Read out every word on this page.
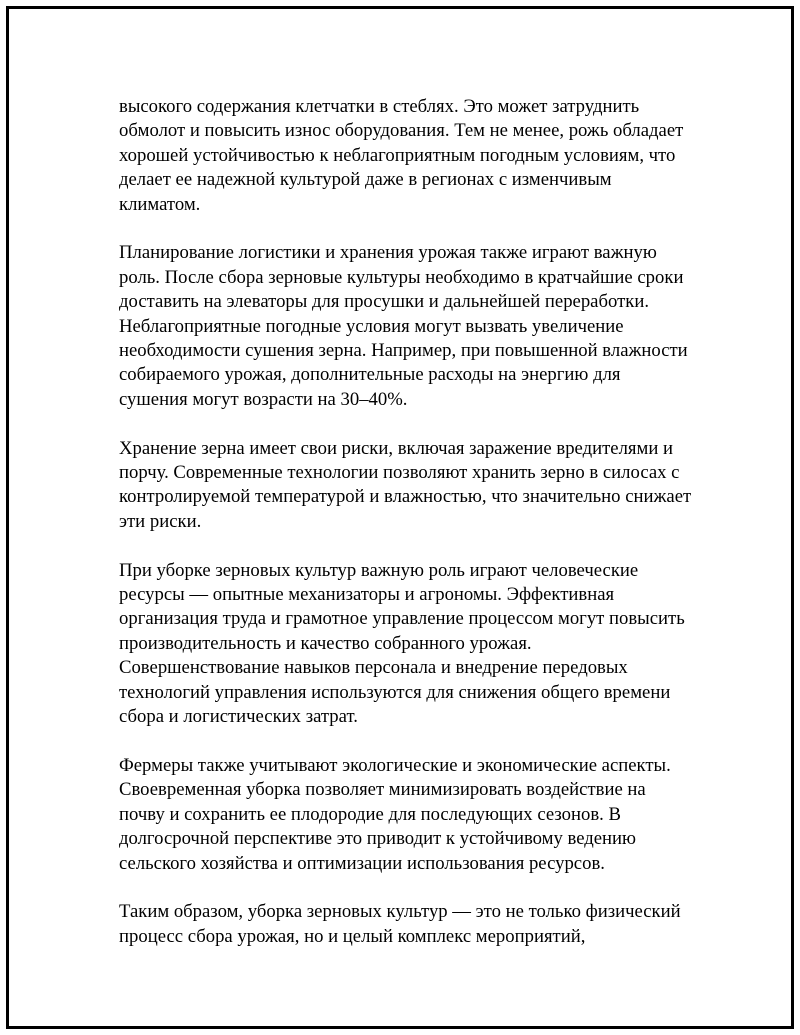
высокого содержания клетчатки в стеблях. Это может затруднить
обмолот и повысить износ оборудования. Тем не менее, рожь обладает
хорошей устойчивостью к неблагоприятным погодным условиям, что
делает ее надежной культурой даже в регионах с изменчивым
климатом.

Планирование логистики и хранения урожая также играют важную
роль. После сбора зерновые культуры необходимо в кратчайшие сроки
доставить на элеваторы для просушки и дальнейшей переработки.
Неблагоприятные погодные условия могут вызвать увеличение
необходимости сушения зерна. Например, при повышенной влажности
собираемого урожая, дополнительные расходы на энергию для
сушения могут возрасти на 30–40%.

Хранение зерна имеет свои риски, включая заражение вредителями и
порчу. Современные технологии позволяют хранить зерно в силосах с
контролируемой температурой и влажностью, что значительно снижает
эти риски.

При уборке зерновых культур важную роль играют человеческие
ресурсы — опытные механизаторы и агрономы. Эффективная
организация труда и грамотное управление процессом могут повысить
производительность и качество собранного урожая.
Совершенствование навыков персонала и внедрение передовых
технологий управления используются для снижения общего времени
сбора и логистических затрат.

Фермеры также учитывают экологические и экономические аспекты.
Своевременная уборка позволяет минимизировать воздействие на
почву и сохранить ее плодородие для последующих сезонов. В
долгосрочной перспективе это приводит к устойчивому ведению
сельского хозяйства и оптимизации использования ресурсов.

Таким образом, уборка зерновых культур — это не только физический
процесс сбора урожая, но и целый комплекс мероприятий,
